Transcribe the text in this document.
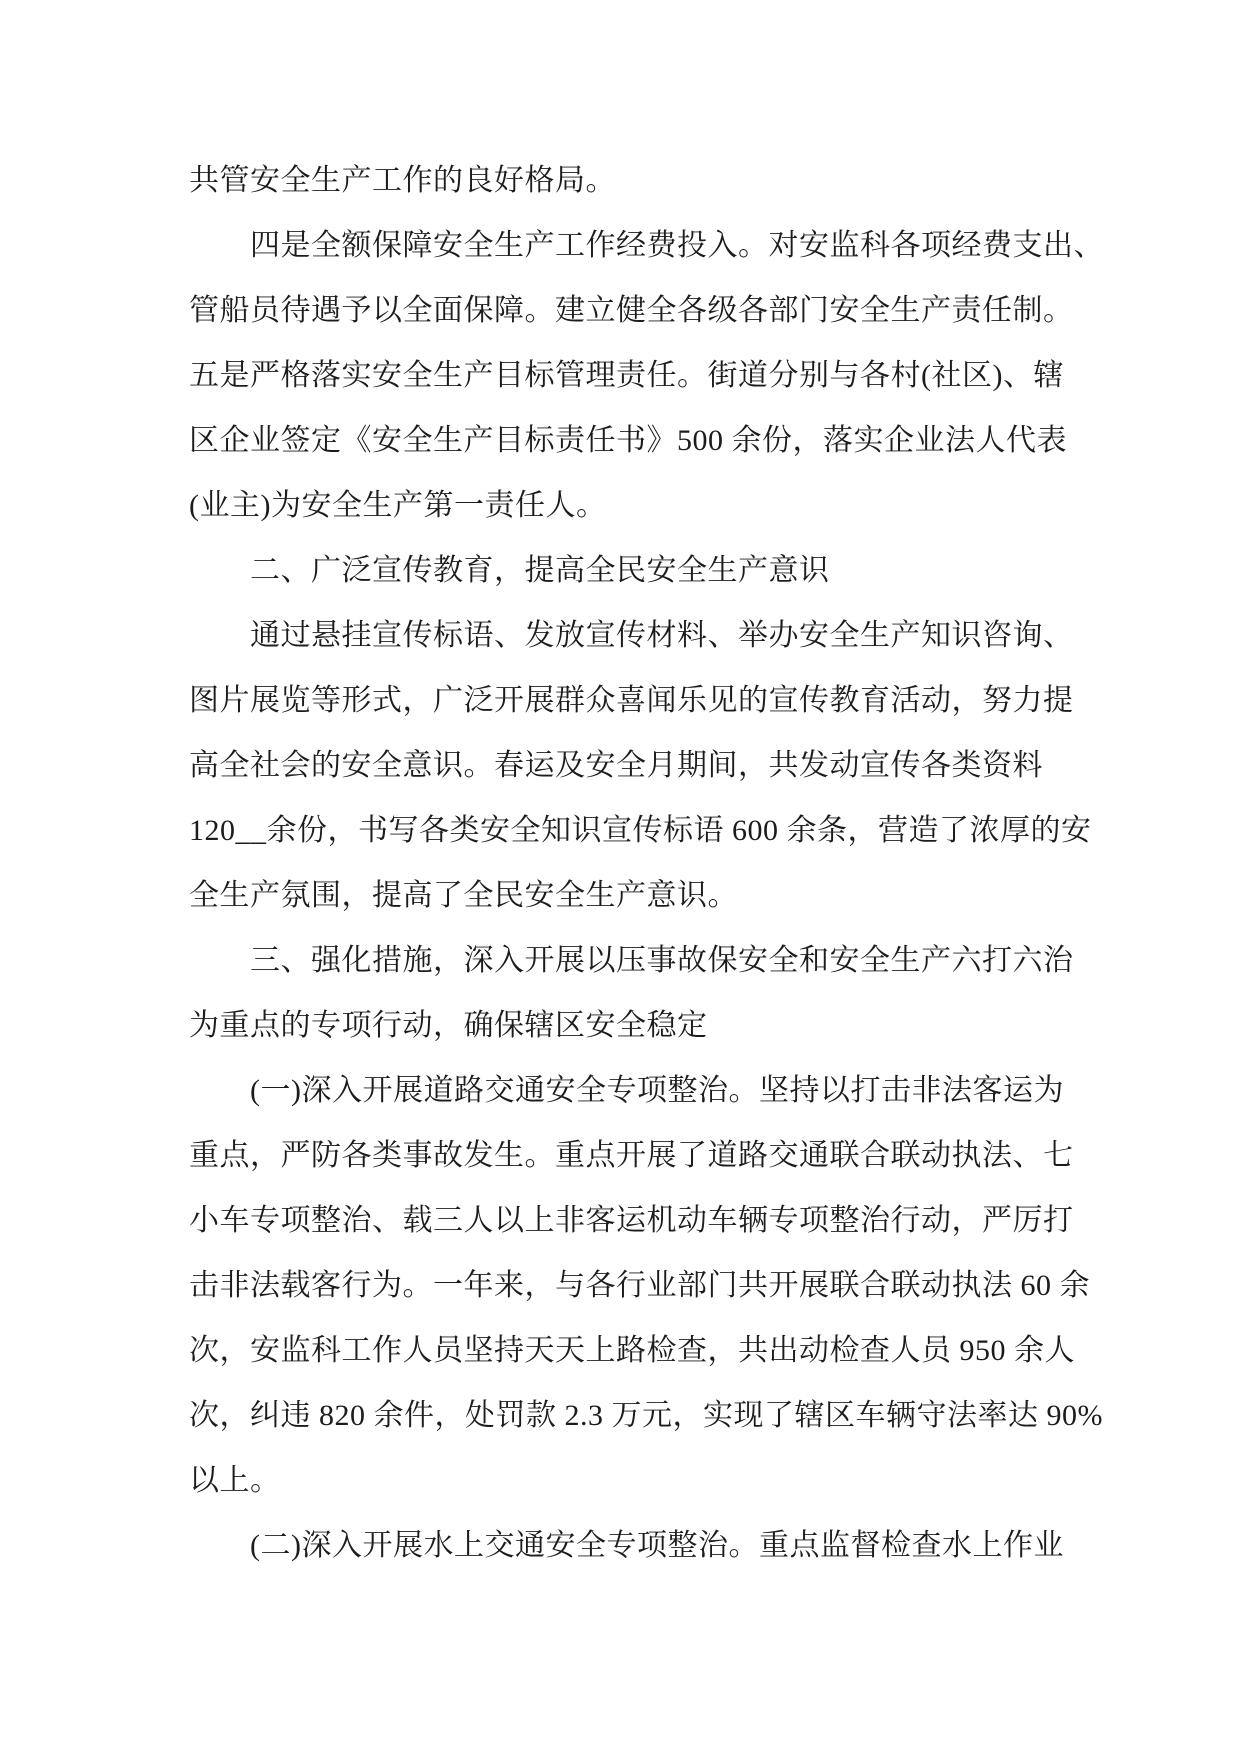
共管安全生产工作的良好格局。
四是全额保障安全生产工作经费投入。对安监科各项经费支出、
管船员待遇予以全面保障。建立健全各级各部门安全生产责任制。
五是严格落实安全生产目标管理责任。街道分别与各村(社区)、辖
区企业签定《安全生产目标责任书》500 余份，落实企业法人代表
(业主)为安全生产第一责任人。
二、广泛宣传教育，提高全民安全生产意识
通过悬挂宣传标语、发放宣传材料、举办安全生产知识咨询、
图片展览等形式，广泛开展群众喜闻乐见的宣传教育活动，努力提
高全社会的安全意识。春运及安全月期间，共发动宣传各类资料
120__余份，书写各类安全知识宣传标语 600 余条，营造了浓厚的安
全生产氛围，提高了全民安全生产意识。
三、强化措施，深入开展以压事故保安全和安全生产六打六治
为重点的专项行动，确保辖区安全稳定
(一)深入开展道路交通安全专项整治。坚持以打击非法客运为
重点，严防各类事故发生。重点开展了道路交通联合联动执法、七
小车专项整治、载三人以上非客运机动车辆专项整治行动，严厉打
击非法载客行为。一年来，与各行业部门共开展联合联动执法 60 余
次，安监科工作人员坚持天天上路检查，共出动检查人员 950 余人
次，纠违 820 余件，处罚款 2.3 万元，实现了辖区车辆守法率达 90%
以上。
(二)深入开展水上交通安全专项整治。重点监督检查水上作业
